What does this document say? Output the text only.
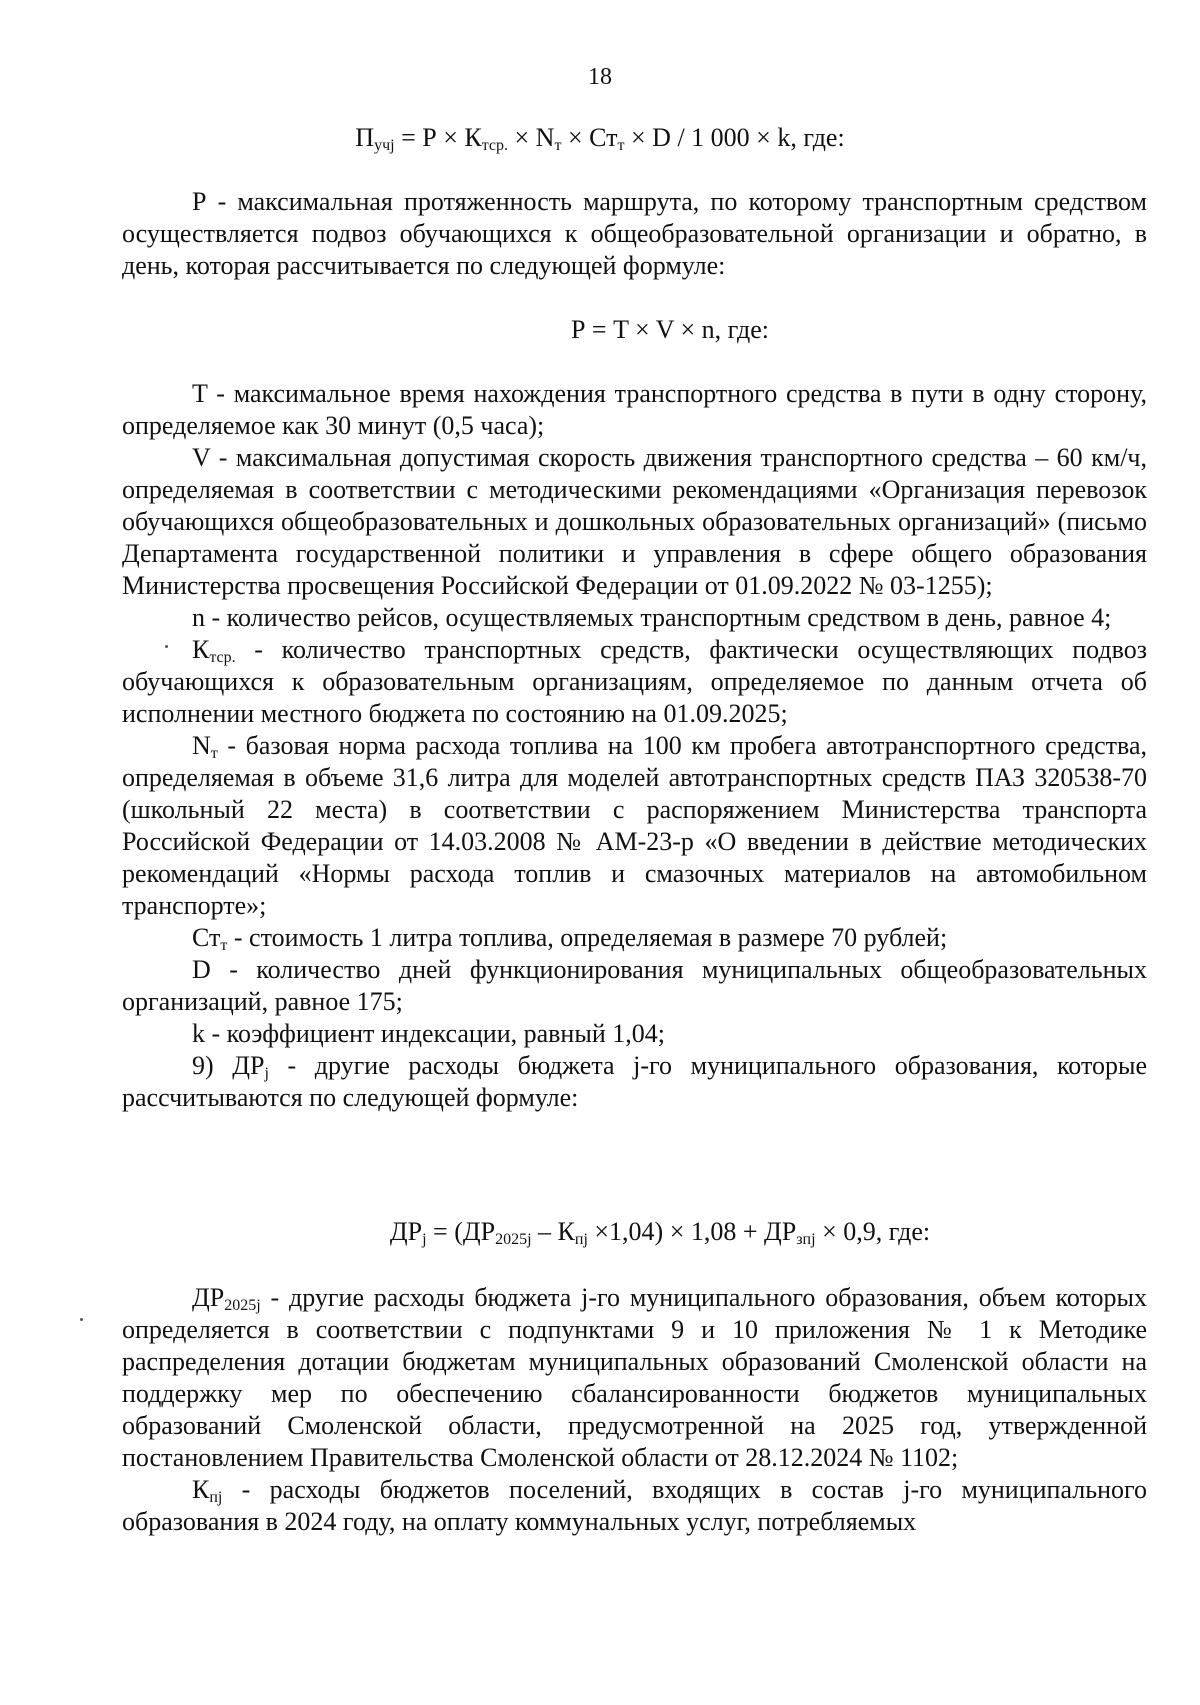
18
$П_{учj} = Р \times К_{тср.} \times N_т \times Ст_т \times D / 1$ 000 × k, где:

Р - максимальная протяженность маршрута, по которому транспортным средством осуществляется подвоз обучающихся к общеобразовательной организации и обратно, в день, которая рассчитывается по следующей формуле:

Р = T × V × n, где:

T - максимальное время нахождения транспортного средства в пути в одну сторону, определяемое как 30 минут (0,5 часа);

V - максимальная допустимая скорость движения транспортного средства – 60 км/ч, определяемая в соответствии с методическими рекомендациями «Организация перевозок обучающихся общеобразовательных и дошкольных образовательных организаций» (письмо Департамента государственной политики и управления в сфере общего образования Министерства просвещения Российской Федерации от 01.09.2022 № 03-1255);

n - количество рейсов, осуществляемых транспортным средством в день, равное 4;

$К_{тср.}$ - количество транспортных средств, фактически осуществляющих подвоз обучающихся к образовательным организациям, определяемое по данным отчета об исполнении местного бюджета по состоянию на 01.09.2025;

$N_т$ - базовая норма расхода топлива на 100 км пробега автотранспортного средства, определяемая в объеме 31,6 литра для моделей автотранспортных средств ПАЗ 320538-70 (школьный 22 места) в соответствии с распоряжением Министерства транспорта Российской Федерации от 14.03.2008 № АМ-23-р «О введении в действие методических рекомендаций «Нормы расхода топлив и смазочных материалов на автомобильном транспорте»;

$Ст_т$ - стоимость 1 литра топлива, определяемая в размере 70 рублей;

D - количество дней функционирования муниципальных общеобразовательных организаций, равное 175;

k - коэффициент индексации, равный 1,04;

9) $ДР_j$ - другие расходы бюджета j-го муниципального образования, которые рассчитываются по следующей формуле:

$ДР_j = (ДР_{2025j} - К_{пj} \times 1,04) \times 1,08 + ДР_{зпj} \times 0,9$, где:

$ДР_{2025j}$ - другие расходы бюджета j-го муниципального образования, объем которых определяется в соответствии с подпунктами 9 и 10 приложения № 1 к Методике распределения дотации бюджетам муниципальных образований Смоленской области на поддержку мер по обеспечению сбалансированности бюджетов муниципальных образований Смоленской области, предусмотренной на 2025 год, утвержденной постановлением Правительства Смоленской области от 28.12.2024 № 1102;

$К_{пj}$ - расходы бюджетов поселений, входящих в состав j-го муниципального образования в 2024 году, на оплату коммунальных услуг, потребляемых
